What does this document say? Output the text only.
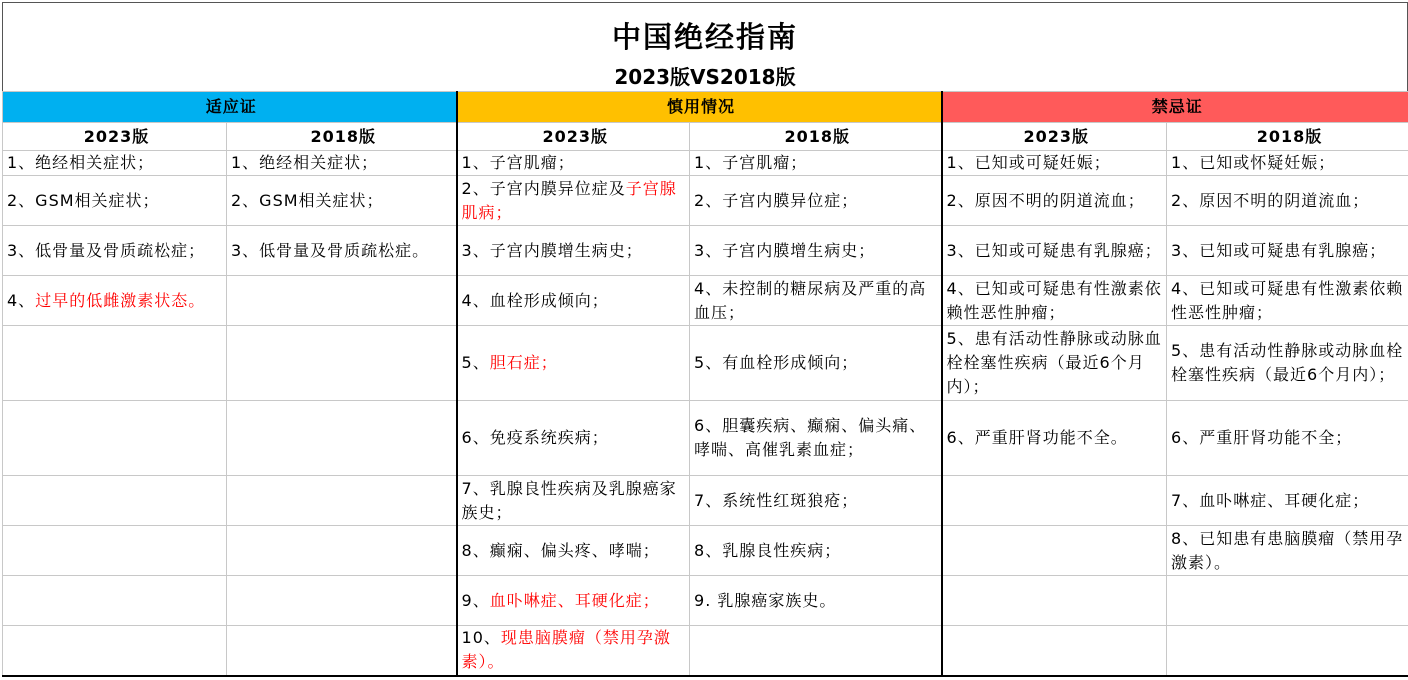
中国绝经指南
2023版VS2018版
适应证		慎用情况		禁忌证	
2023版	2018版	2023版	2018版	2023版	2018版
1、绝经相关症状；	1、绝经相关症状；	1、子宫肌瘤；	1、子宫肌瘤；	1、已知或可疑妊娠；	1、已知或怀疑妊娠；
2、GSM相关症状；	2、GSM相关症状；	2、子宫内膜异位症及子宫腺肌病；	2、子宫内膜异位症；	2、原因不明的阴道流血；	2、原因不明的阴道流血；
3、低骨量及骨质疏松症；	3、低骨量及骨质疏松症。	3、子宫内膜增生病史；	3、子宫内膜增生病史；	3、已知或可疑患有乳腺癌；	3、已知或可疑患有乳腺癌；
4、过早的低雌激素状态。		4、血栓形成倾向；	4、未控制的糖尿病及严重的高血压；	4、已知或可疑患有性激素依赖性恶性肿瘤；	4、已知或可疑患有性激素依赖性恶性肿瘤；
		5、胆石症；	5、有血栓形成倾向；	5、患有活动性静脉或动脉血栓栓塞性疾病（最近6个月内）；	5、患有活动性静脉或动脉血栓栓塞性疾病（最近6个月内）；
		6、免疫系统疾病；	6、胆囊疾病、癫痫、偏头痛、哮喘、高催乳素血症；	6、严重肝肾功能不全。	6、严重肝肾功能不全；
		7、乳腺良性疾病及乳腺癌家族史；	7、系统性红斑狼疮；		7、血卟啉症、耳硬化症；
		8、癫痫、偏头疼、哮喘；	8、乳腺良性疾病；		8、已知患有患脑膜瘤（禁用孕激素）。
		9、血卟啉症、耳硬化症；	9. 乳腺癌家族史。		
		10、现患脑膜瘤（禁用孕激素）。			
